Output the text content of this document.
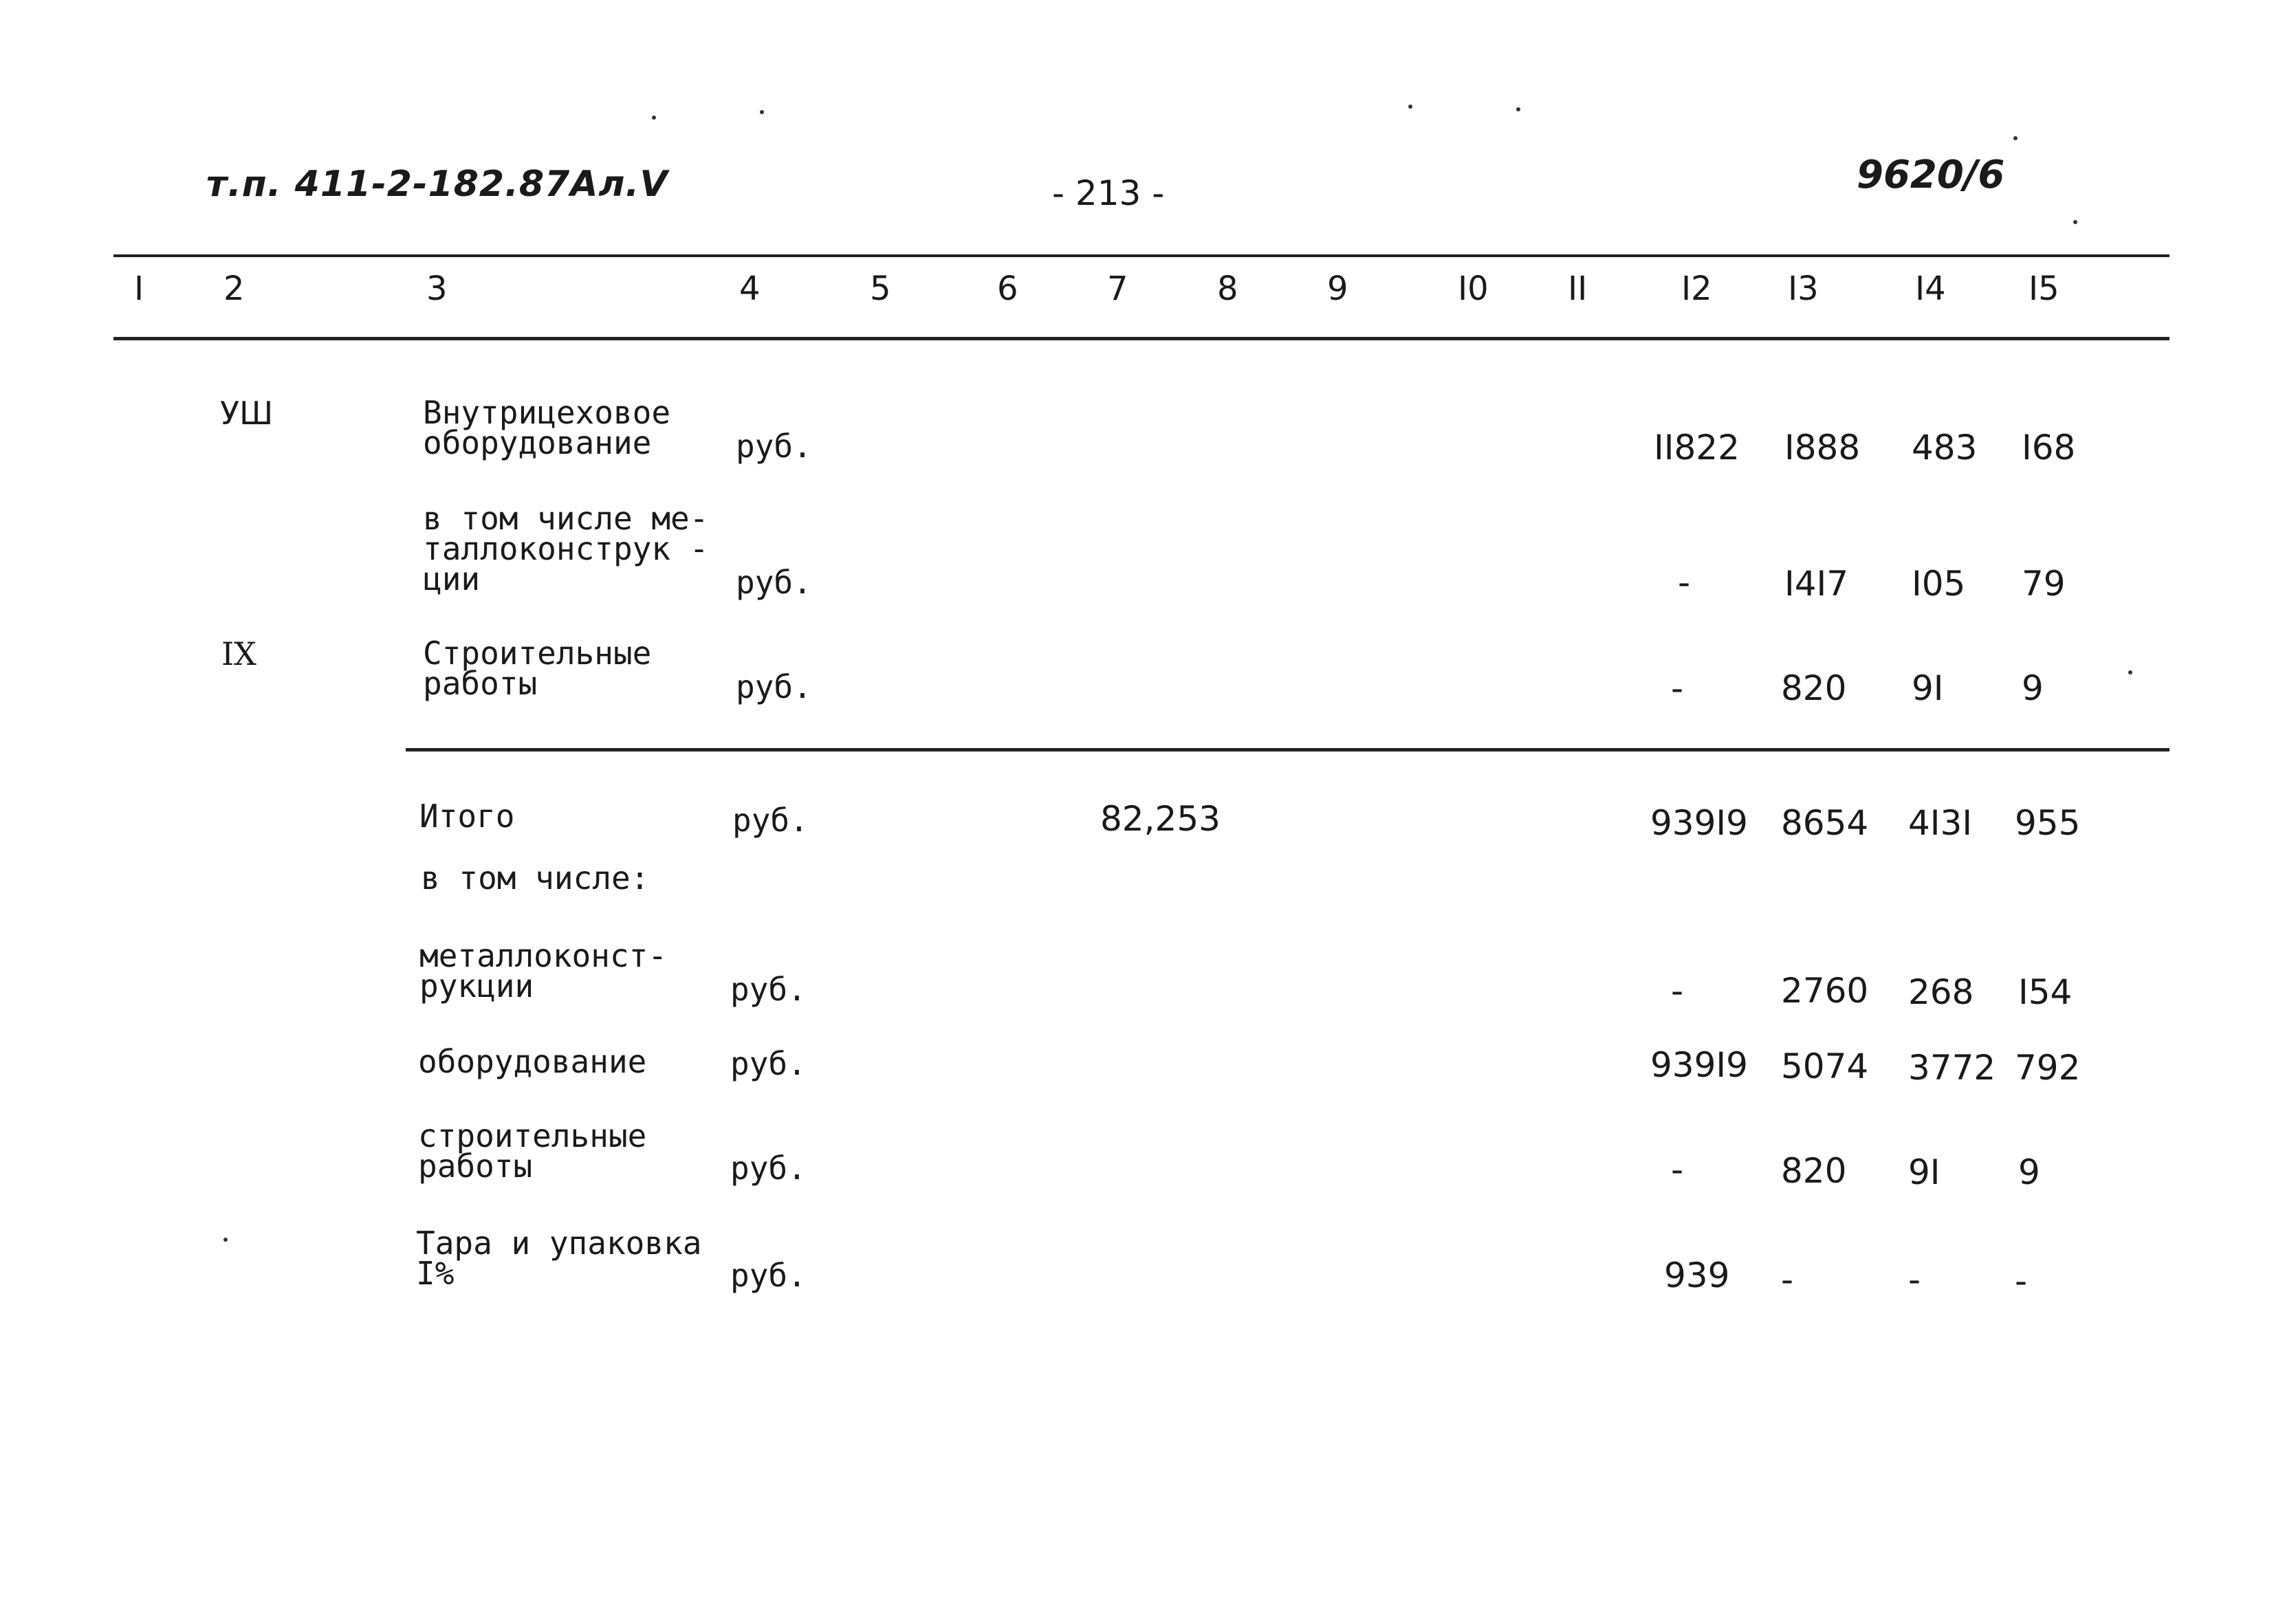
т.п. 411-2-182.87Ал.V	- 213 -	9620/6
I 2	3	4	5	6	7	8	9	I0 II	I2 I3	I4	I5
УШ	Внутрицеховое
оборудование	руб.	II822 I888 483 I68
в том числе ме-
таллоконструк -
ции	руб.	-	I4I7 I05 79
IX	Строительные
работы	руб.	-	820 9I 9
Итого	руб.	82,253	939I9 8654 4I3I 955
в том числе:
металлоконст-
рукции	руб.	-	2760 268 I54
оборудование	руб.	939I9 5074 3772 792
строительные
работы	руб.	-	820 9I 9
Тара и упаковка
I%	руб.	939 -	-	-
